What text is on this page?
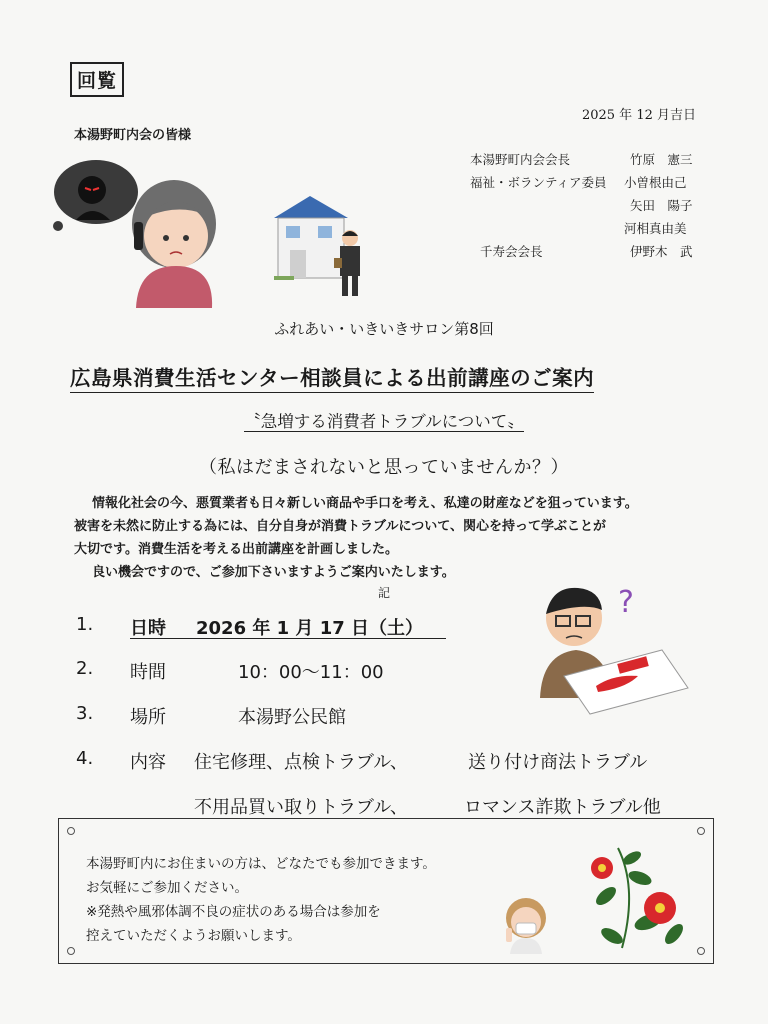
回覧
2025 年 12 月吉日
本湯野町内会の皆様
本湯野町内会会長	竹原　憲三
福祉・ボランティア委員 小曽根由己
矢田　陽子
河相真由美
千寿会会長	伊野木　武
ふれあい・いきいきサロン第8回
広島県消費生活センター相談員による出前講座のご案内
〝急増する消費者トラブルについて〟
（私はだまされないと思っていませんか？）
情報化社会の今、悪質業者も日々新しい商品や手口を考え、私達の財産などを狙っています。
被害を未然に防止する為には、自分自身が消費トラブルについて、関心を持って学ぶことが
大切です。消費生活を考える出前講座を計画しました。
良い機会ですので、ご参加下さいますようご案内いたします。
記
1. 日時 2026 年 1 月 17 日（土）
2. 時間	10：00～11：00
3. 場所	本湯野公民館
4. 内容 住宅修理、点検トラブル、	送り付け商法トラブル
不用品買い取りトラブル、	ロマンス詐欺トラブル他
?
本湯野町内にお住まいの方は、どなたでも参加できます。
お気軽にご参加ください。
※発熱や風邪体調不良の症状のある場合は参加を
控えていただくようお願いします。
